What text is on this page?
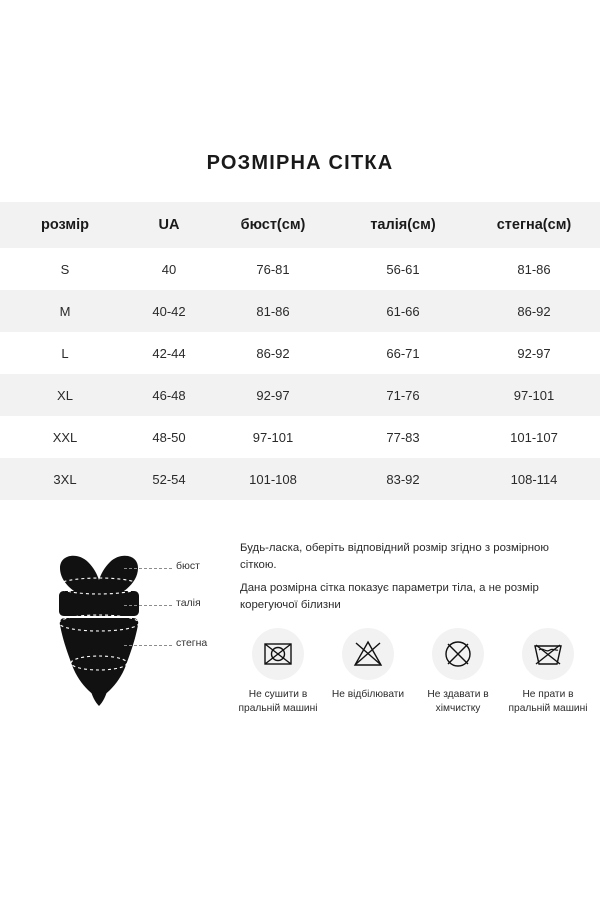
РОЗМІРНА СІТКА
розмір	UA	бюст(см)	талія(см)	стегна(см)
S	40	76-81	56-61	81-86
M	40-42	81-86	61-66	86-92
L	42-44	86-92	66-71	92-97
XL	46-48	92-97	71-76	97-101
XXL	48-50	97-101	77-83	101-107
3XL	52-54	101-108	83-92	108-114
бюст
талія
стегна

Будь-ласка, оберіть відповідний розмір згідно з розмірною сіткою.

Дана розмірна сітка показує параметри тіла, а не розмір корегуючої білизни

Не сушити в пральній машині
Не відбілювати	Не здавати в хімчистку
Не прати в пральній машині
